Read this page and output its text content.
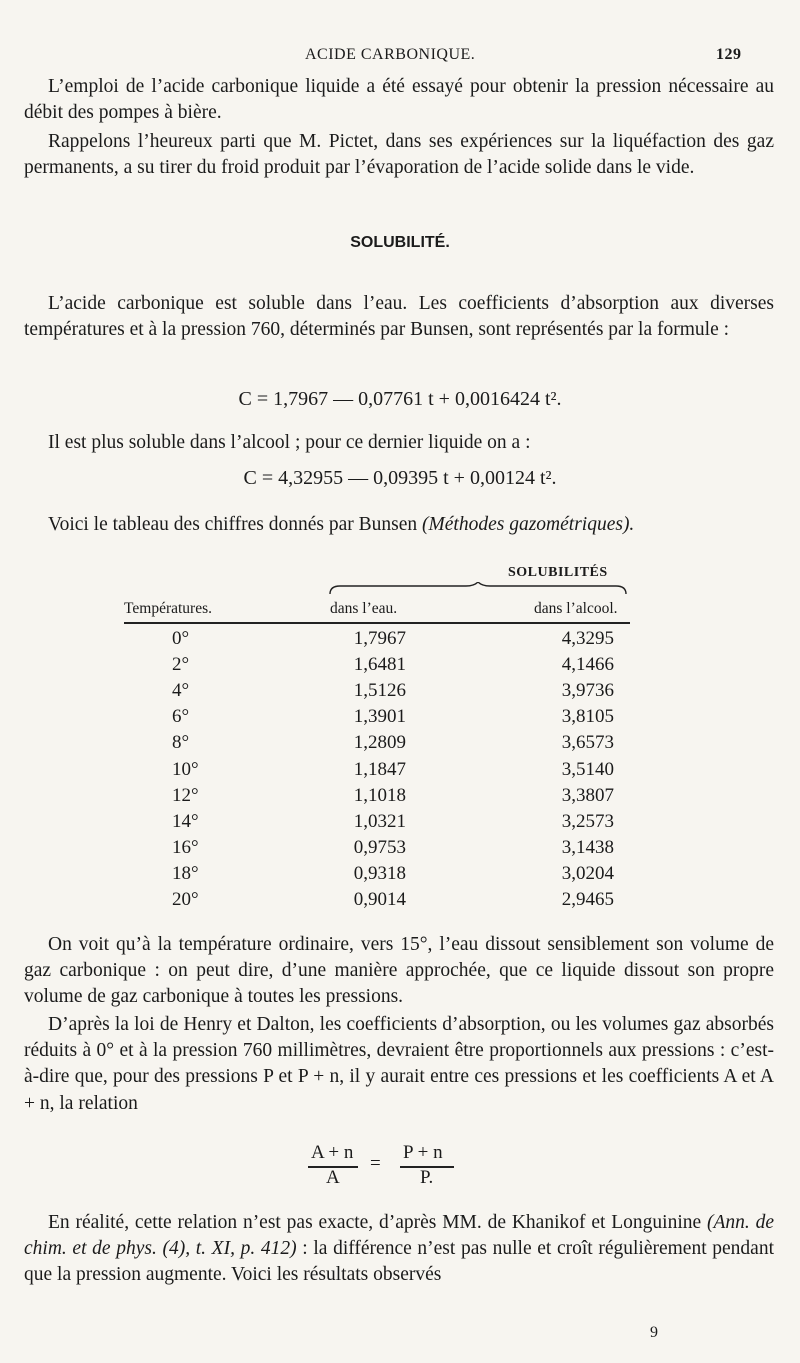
ACIDE CARBONIQUE.	129

L’emploi de l’acide carbonique liquide a été essayé pour obtenir la pression nécessaire au débit des pompes à bière.

Rappelons l’heureux parti que M. Pictet, dans ses expériences sur la liquéfaction des gaz permanents, a su tirer du froid produit par l’évaporation de l’acide solide dans le vide.

SOLUBILITÉ.

L’acide carbonique est soluble dans l’eau. Les coefficients d’absorption aux diverses températures et à la pression 760, déterminés par Bunsen, sont représentés par la formule :

C = 1,7967 — 0,07761 t + 0,0016424 t².

Il est plus soluble dans l’alcool ; pour ce dernier liquide on a :

C = 4,32955 — 0,09395 t + 0,00124 t².

Voici le tableau des chiffres donnés par Bunsen (Méthodes gazométriques).

SOLUBILITÉS
Températures.	dans l’eau.	dans l’alcool.
0°	1,7967	4,3295
2°	1,6481	4,1466
4°	1,5126	3,9736
6°	1,3901	3,8105
8°	1,2809	3,6573
10°	1,1847	3,5140
12°	1,1018	3,3807
14°	1,0321	3,2573
16°	0,9753	3,1438
18°	0,9318	3,0204
20°	0,9014	2,9465

On voit qu’à la température ordinaire, vers 15°, l’eau dissout sensiblement son volume de gaz carbonique : on peut dire, d’une manière approchée, que ce liquide dissout son propre volume de gaz carbonique à toutes les pressions.

D’après la loi de Henry et Dalton, les coefficients d’absorption, ou les volumes gaz absorbés réduits à 0° et à la pression 760 millimètres, devraient être proportionnels aux pressions : c’est-à-dire que, pour des pressions P et P + n, il y aurait entre ces pressions et les coefficients A et A + n, la relation

A + n
A
=
P + n
P.

En réalité, cette relation n’est pas exacte, d’après MM. de Khanikof et Longuinine (Ann. de chim. et de phys. (4), t. XI, p. 412) : la différence n’est pas nulle et croît régulièrement pendant que la pression augmente. Voici les résultats observés

9
